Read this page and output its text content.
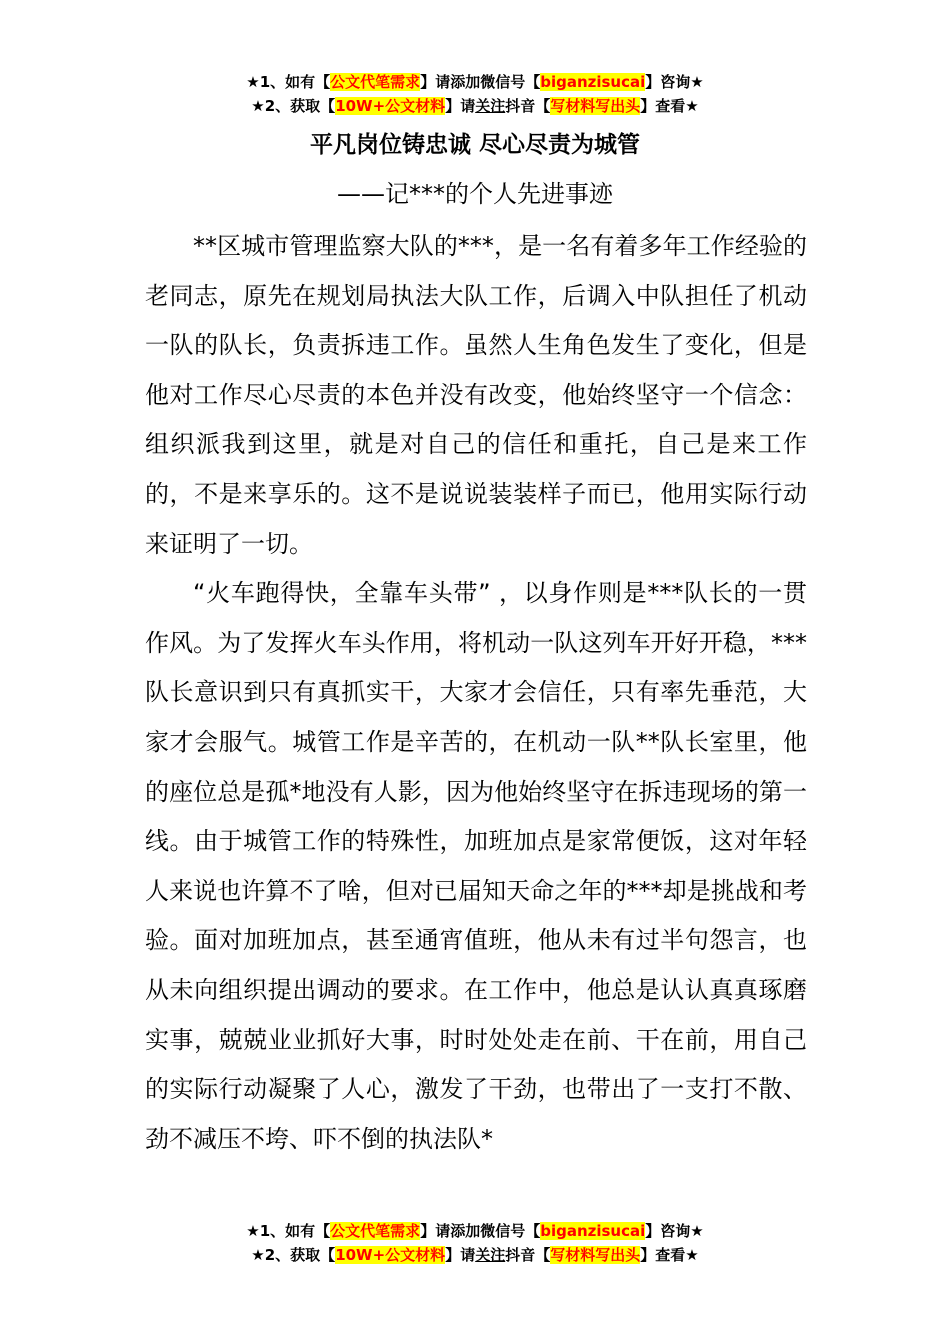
★1、如有【公文代笔需求】请添加微信号【biganzisucai】咨询★
★2、获取【10W+公文材料】请关注抖音【写材料写出头】查看★
平凡岗位铸忠诚 尽心尽责为城管
——记***的个人先进事迹

**区城市管理监察大队的***，是一名有着多年工作经验的老同志，原先在规划局执法大队工作，后调入中队担任了机动一队的队长，负责拆违工作。虽然人生角色发生了变化，但是他对工作尽心尽责的本色并没有改变，他始终坚守一个信念：组织派我到这里，就是对自己的信任和重托，自己是来工作的，不是来享乐的。这不是说说装装样子而已，他用实际行动来证明了一切。

“火车跑得快，全靠车头带” ，以身作则是***队长的一贯作风。为了发挥火车头作用，将机动一队这列车开好开稳，***队长意识到只有真抓实干，大家才会信任，只有率先垂范，大家才会服气。城管工作是辛苦的，在机动一队**队长室里，他的座位总是孤*地没有人影，因为他始终坚守在拆违现场的第一线。由于城管工作的特殊性，加班加点是家常便饭，这对年轻人来说也许算不了啥，但对已届知天命之年的***却是挑战和考验。面对加班加点，甚至通宵值班，他从未有过半句怨言，也从未向组织提出调动的要求。在工作中，他总是认认真真琢磨实事，兢兢业业抓好大事，时时处处走在前、干在前，用自己的实际行动凝聚了人心，激发了干劲，也带出了一支打不散、劲不减压不垮、吓不倒的执法队*

★1、如有【公文代笔需求】请添加微信号【biganzisucai】咨询★
★2、获取【10W+公文材料】请关注抖音【写材料写出头】查看★
